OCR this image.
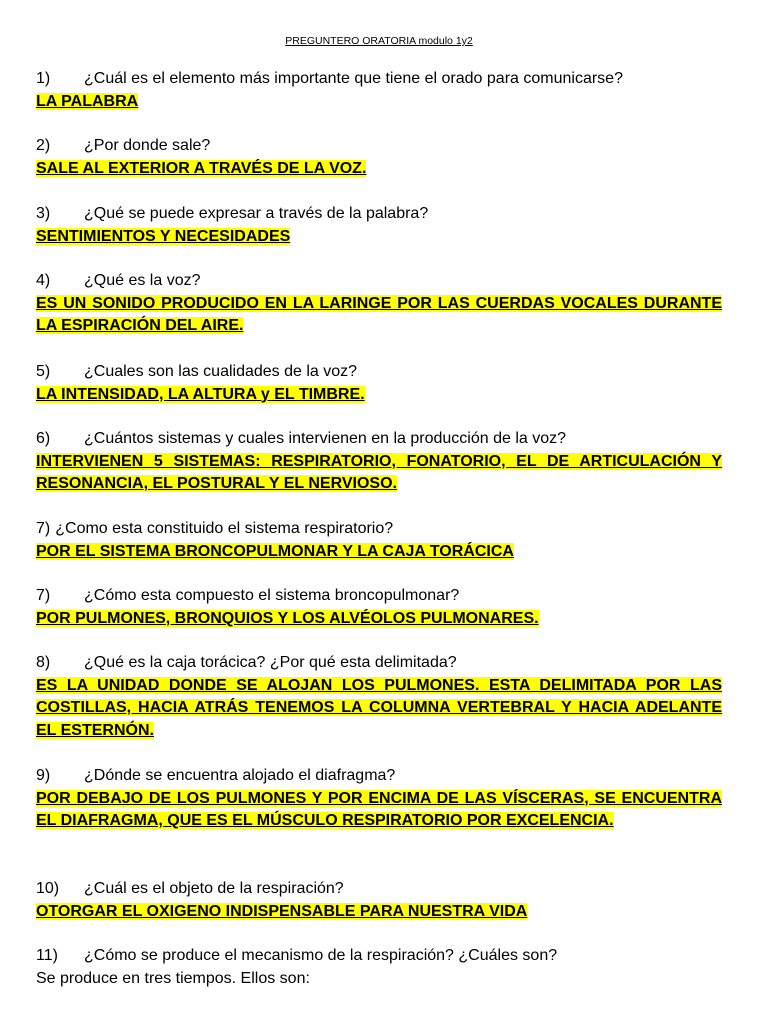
PREGUNTERO ORATORIA modulo 1y2
1) ¿Cuál es el elemento más importante que tiene el orado para comunicarse?
LA PALABRA
2) ¿Por donde sale?
SALE AL EXTERIOR A TRAVÉS DE LA VOZ.
3) ¿Qué se puede expresar a través de la palabra?
SENTIMIENTOS Y NECESIDADES
4) ¿Qué es la voz?
ES UN SONIDO PRODUCIDO EN LA LARINGE POR LAS CUERDAS VOCALES DURANTE LA ESPIRACIÓN DEL AIRE.
5) ¿Cuales son las cualidades de la voz?
LA INTENSIDAD, LA ALTURA y EL TIMBRE.
6) ¿Cuántos sistemas y cuales intervienen en la producción de la voz?
INTERVIENEN 5 SISTEMAS: RESPIRATORIO, FONATORIO, EL DE ARTICULACIÓN Y RESONANCIA, EL POSTURAL Y EL NERVIOSO.
7) ¿Como esta constituido el sistema respiratorio?
POR EL SISTEMA BRONCOPULMONAR Y LA CAJA TORÁCICA
7) ¿Cómo esta compuesto el sistema broncopulmonar?
POR PULMONES, BRONQUIOS Y LOS ALVÉOLOS PULMONARES.
8) ¿Qué es la caja torácica? ¿Por qué esta delimitada?
ES LA UNIDAD DONDE SE ALOJAN LOS PULMONES. ESTA DELIMITADA POR LAS COSTILLAS, HACIA ATRÁS TENEMOS LA COLUMNA VERTEBRAL Y HACIA ADELANTE EL ESTERNÓN.
9) ¿Dónde se encuentra alojado el diafragma?
POR DEBAJO DE LOS PULMONES Y POR ENCIMA DE LAS VÍSCERAS, SE ENCUENTRA EL DIAFRAGMA, QUE ES EL MÚSCULO RESPIRATORIO POR EXCELENCIA.
10) ¿Cuál es el objeto de la respiración?
OTORGAR EL OXIGENO INDISPENSABLE PARA NUESTRA VIDA
11) ¿Cómo se produce el mecanismo de la respiración? ¿Cuáles son?
Se produce en tres tiempos. Ellos son:
